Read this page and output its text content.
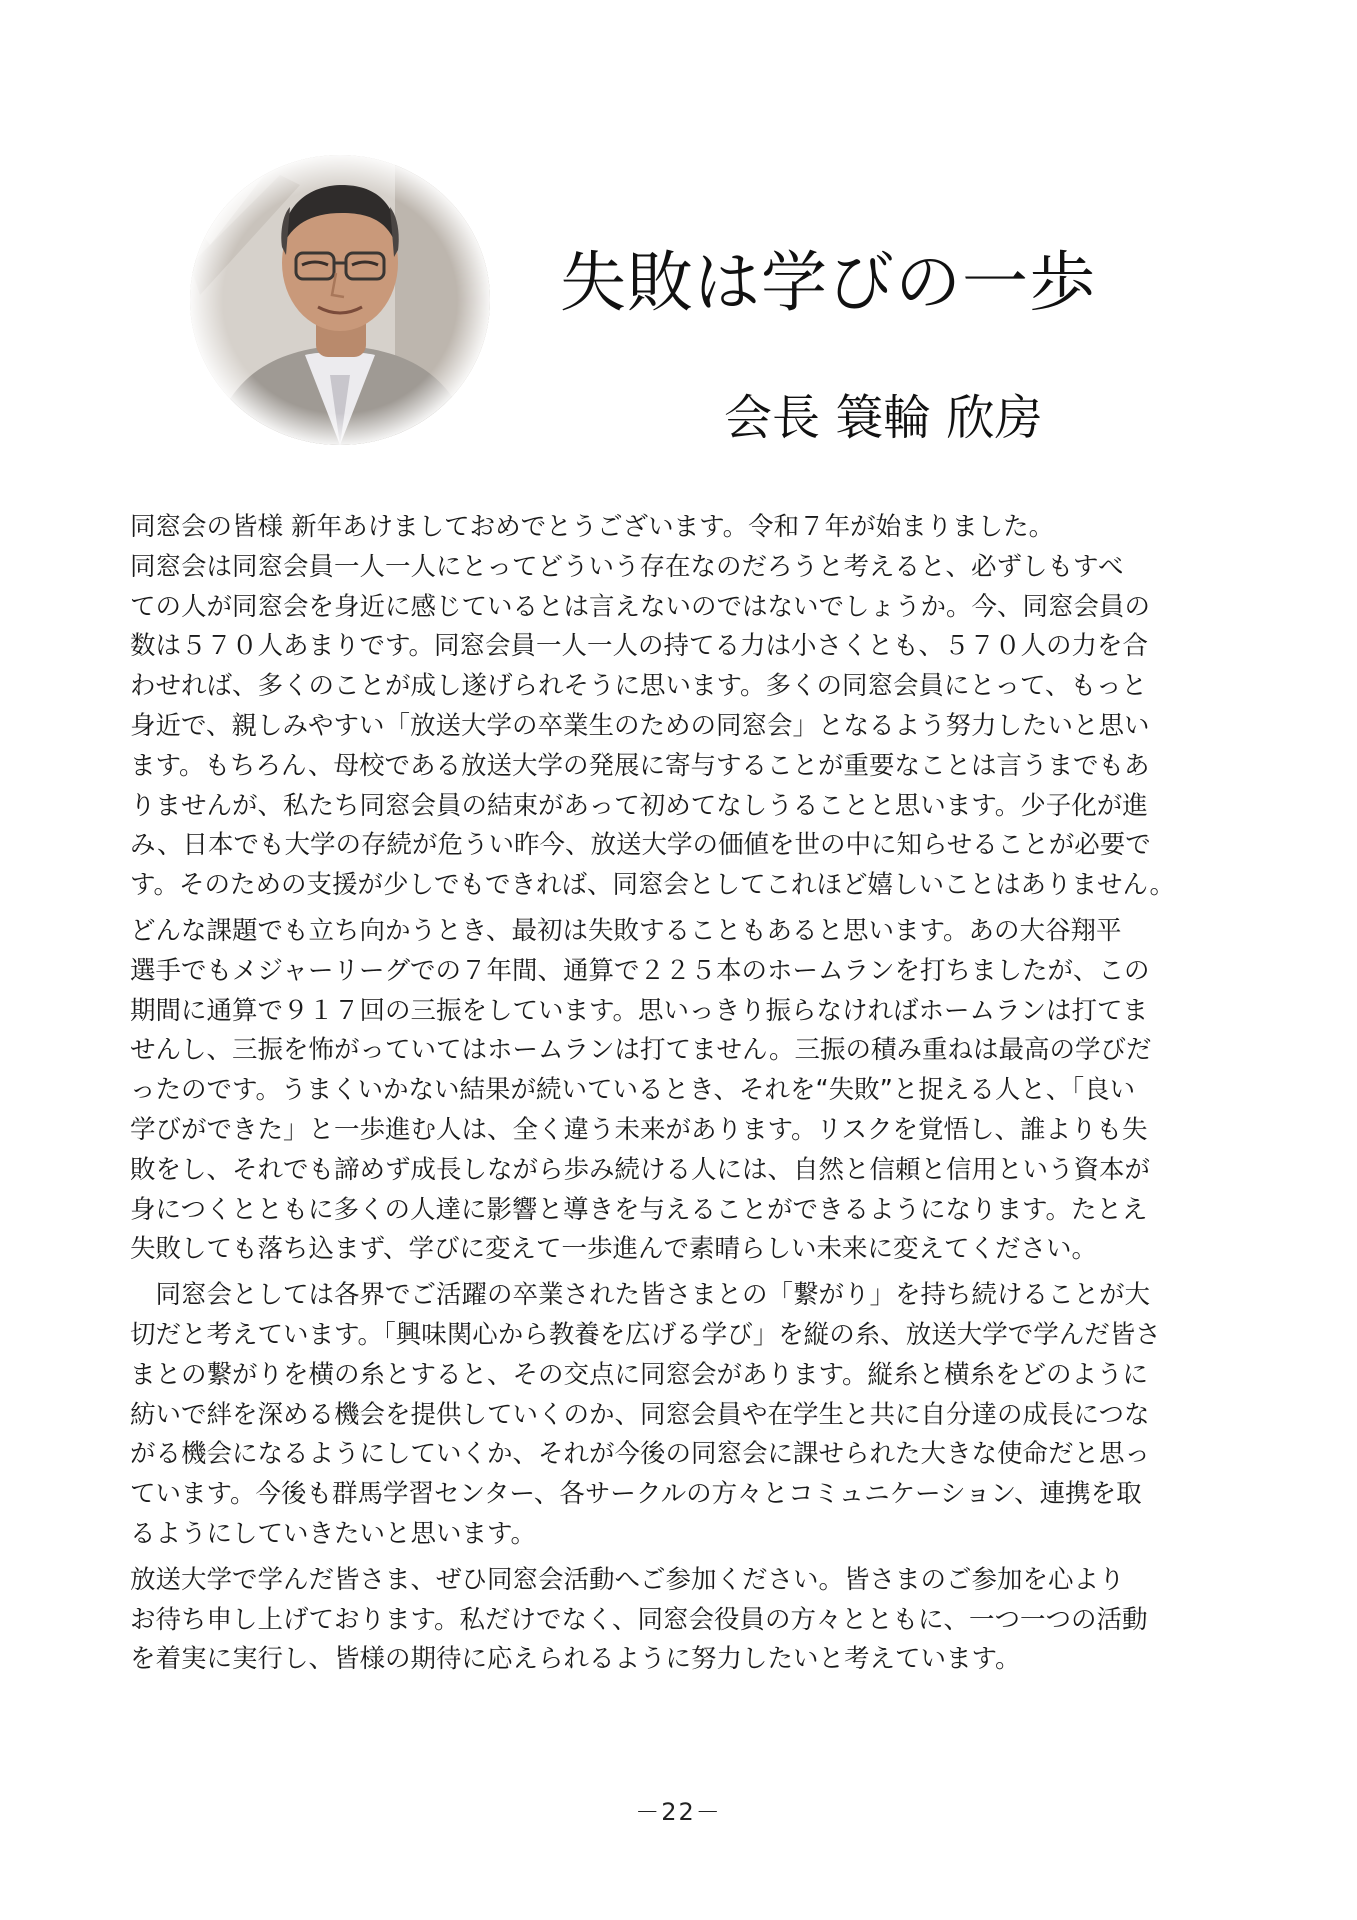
失敗は学びの一歩
会長 簑輪 欣房

同窓会の皆様 新年あけましておめでとうございます。令和７年が始まりました。
同窓会は同窓会員一人一人にとってどういう存在なのだろうと考えると、必ずしもすべ
ての人が同窓会を身近に感じているとは言えないのではないでしょうか。今、同窓会員の
数は５７０人あまりです。同窓会員一人一人の持てる力は小さくとも、５７０人の力を合
わせれば、多くのことが成し遂げられそうに思います。多くの同窓会員にとって、もっと
身近で、親しみやすい「放送大学の卒業生のための同窓会」となるよう努力したいと思い
ます。もちろん、母校である放送大学の発展に寄与することが重要なことは言うまでもあ
りませんが、私たち同窓会員の結束があって初めてなしうることと思います。少子化が進
み、日本でも大学の存続が危うい昨今、放送大学の価値を世の中に知らせることが必要で
す。そのための支援が少しでもできれば、同窓会としてこれほど嬉しいことはありません。

どんな課題でも立ち向かうとき、最初は失敗することもあると思います。あの大谷翔平
選手でもメジャーリーグでの７年間、通算で２２５本のホームランを打ちましたが、この
期間に通算で９１７回の三振をしています。思いっきり振らなければホームランは打てま
せんし、三振を怖がっていてはホームランは打てません。三振の積み重ねは最高の学びだ
ったのです。うまくいかない結果が続いているとき、それを“失敗”と捉える人と、「良い
学びができた」と一歩進む人は、全く違う未来があります。リスクを覚悟し、誰よりも失
敗をし、それでも諦めず成長しながら歩み続ける人には、自然と信頼と信用という資本が
身につくとともに多くの人達に影響と導きを与えることができるようになります。たとえ
失敗しても落ち込まず、学びに変えて一歩進んで素晴らしい未来に変えてください。

　同窓会としては各界でご活躍の卒業された皆さまとの「繋がり」を持ち続けることが大
切だと考えています。「興味関心から教養を広げる学び」を縦の糸、放送大学で学んだ皆さ
まとの繋がりを横の糸とすると、その交点に同窓会があります。縦糸と横糸をどのように
紡いで絆を深める機会を提供していくのか、同窓会員や在学生と共に自分達の成長につな
がる機会になるようにしていくか、それが今後の同窓会に課せられた大きな使命だと思っ
ています。今後も群馬学習センター、各サークルの方々とコミュニケーション、連携を取
るようにしていきたいと思います。

放送大学で学んだ皆さま、ぜひ同窓会活動へご参加ください。皆さまのご参加を心より
お待ち申し上げております。私だけでなく、同窓会役員の方々とともに、一つ一つの活動
を着実に実行し、皆様の期待に応えられるように努力したいと考えています。

－22－
